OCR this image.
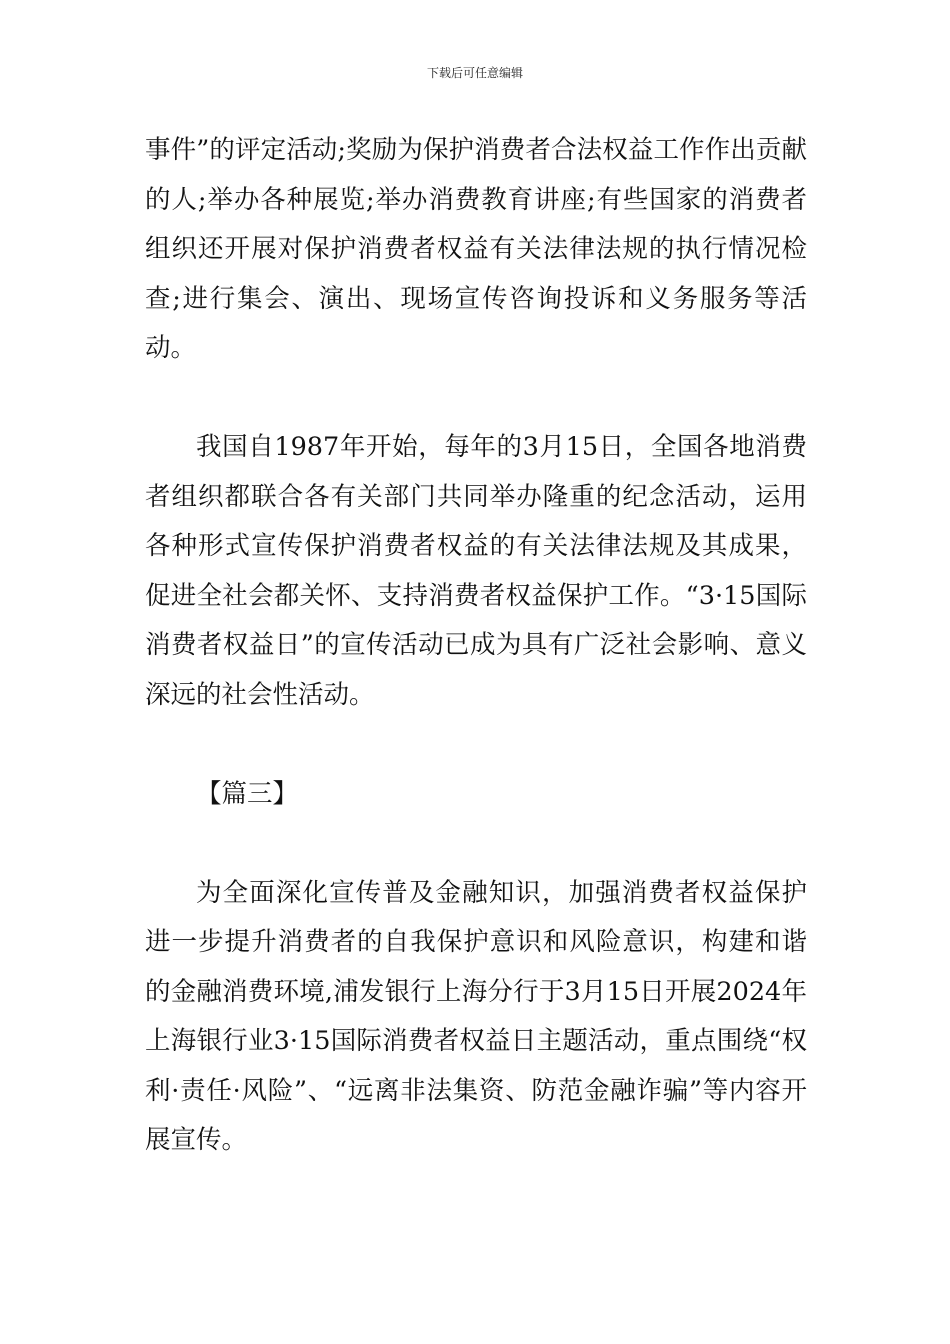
下载后可任意编辑

事件”的评定活动;奖励为保护消费者合法权益工作作出贡献的人;举办各种展览;举办消费教育讲座;有些国家的消费者组织还开展对保护消费者权益有关法律法规的执行情况检查;进行集会、演出、现场宣传咨询投诉和义务服务等活动。

我国自1987年开始，每年的3月15日，全国各地消费者组织都联合各有关部门共同举办隆重的纪念活动，运用各种形式宣传保护消费者权益的有关法律法规及其成果，促进全社会都关怀、支持消费者权益保护工作。“3·15国际消费者权益日”的宣传活动已成为具有广泛社会影响、意义深远的社会性活动。

【篇三】

为全面深化宣传普及金融知识，加强消费者权益保护进一步提升消费者的自我保护意识和风险意识，构建和谐的金融消费环境,浦发银行上海分行于3月15日开展2024年上海银行业3·15国际消费者权益日主题活动，重点围绕“权利·责任·风险”、“远离非法集资、防范金融诈骗”等内容开展宣传。
